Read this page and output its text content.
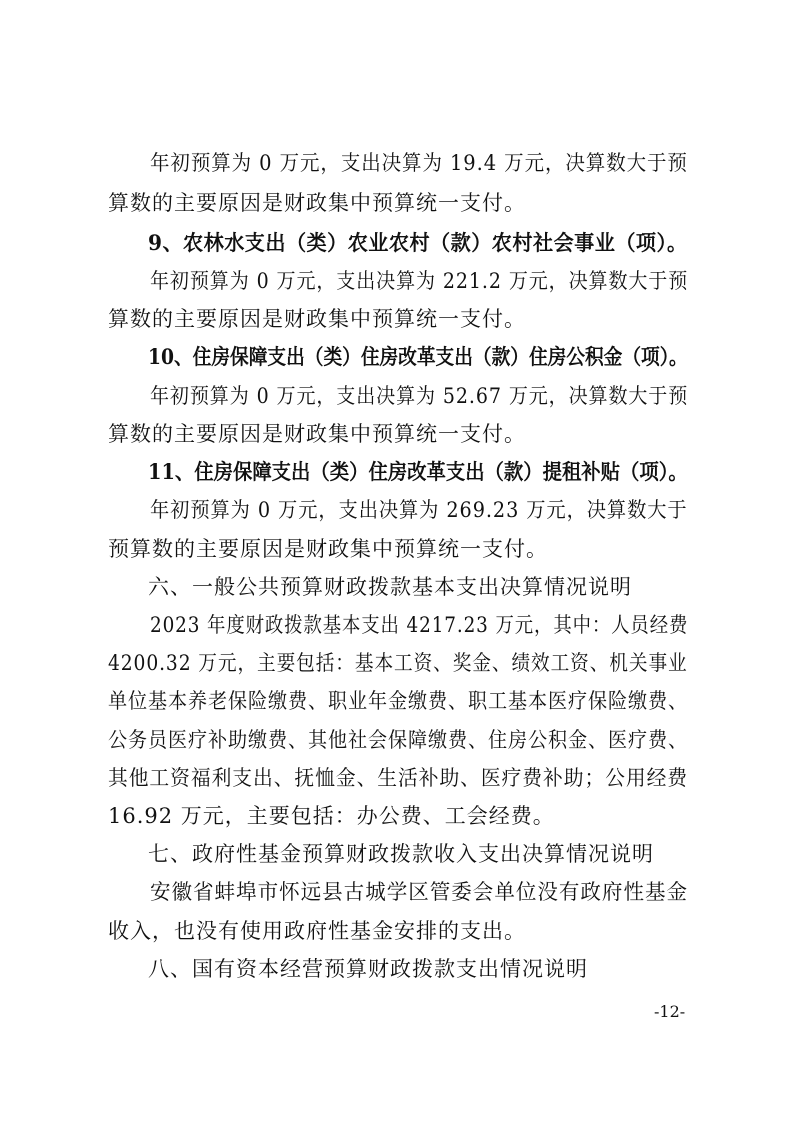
年初预算为 0 万元，支出决算为 19.4 万元，决算数大于预
算数的主要原因是财政集中预算统一支付。
9、农林水支出（类）农业农村（款）农村社会事业（项）。
年初预算为 0 万元，支出决算为 221.2 万元，决算数大于预
算数的主要原因是财政集中预算统一支付。
10、住房保障支出（类）住房改革支出（款）住房公积金（项）。
年初预算为 0 万元，支出决算为 52.67 万元，决算数大于预
算数的主要原因是财政集中预算统一支付。
11、住房保障支出（类）住房改革支出（款）提租补贴（项）。
年初预算为 0 万元，支出决算为 269.23 万元，决算数大于
预算数的主要原因是财政集中预算统一支付。
六、一般公共预算财政拨款基本支出决算情况说明
2023 年度财政拨款基本支出 4217.23 万元，其中：人员经费
4200.32 万元，主要包括：基本工资、奖金、绩效工资、机关事业
单位基本养老保险缴费、职业年金缴费、职工基本医疗保险缴费、
公务员医疗补助缴费、其他社会保障缴费、住房公积金、医疗费、
其他工资福利支出、抚恤金、生活补助、医疗费补助；公用经费
16.92 万元，主要包括：办公费、工会经费。
七、政府性基金预算财政拨款收入支出决算情况说明
安徽省蚌埠市怀远县古城学区管委会单位没有政府性基金
收入，也没有使用政府性基金安排的支出。
八、国有资本经营预算财政拨款支出情况说明
-12-
